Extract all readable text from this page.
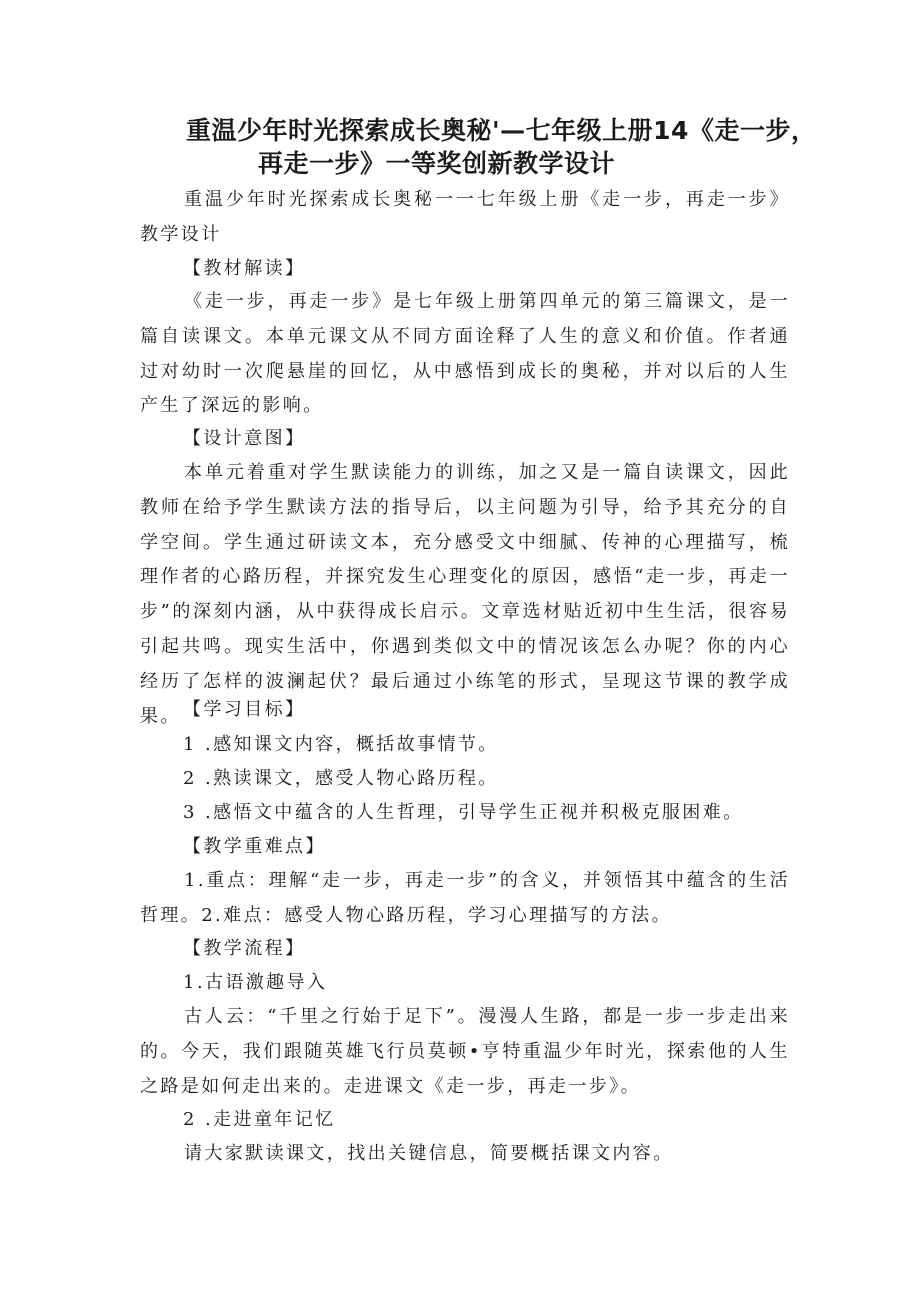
重温少年时光探索成长奥秘'—七年级上册14《走一步，
再走一步》一等奖创新教学设计

重温少年时光探索成长奥秘一一七年级上册《走一步，再走一步》教学设计

【教材解读】

《走一步，再走一步》是七年级上册第四单元的第三篇课文，是一篇自读课文。本单元课文从不同方面诠释了人生的意义和价值。作者通过对幼时一次爬悬崖的回忆，从中感悟到成长的奥秘，并对以后的人生产生了深远的影响。

【设计意图】

本单元着重对学生默读能力的训练，加之又是一篇自读课文，因此教师在给予学生默读方法的指导后，以主问题为引导，给予其充分的自学空间。学生通过研读文本，充分感受文中细腻、传神的心理描写，梳理作者的心路历程，并探究发生心理变化的原因，感悟“走一步，再走一步”的深刻内涵，从中获得成长启示。文章选材贴近初中生生活，很容易引起共鸣。现实生活中，你遇到类似文中的情况该怎么办呢？你的内心经历了怎样的波澜起伏？最后通过小练笔的形式，呈现这节课的教学成果。 【学习目标】
1 .感知课文内容，概括故事情节。
2 .熟读课文，感受人物心路历程。
3 .感悟文中蕴含的人生哲理，引导学生正视并积极克服困难。
【教学重难点】

1.重点：理解“走一步，再走一步”的含义，并领悟其中蕴含的生活哲理。2.难点：感受人物心路历程，学习心理描写的方法。

【教学流程】
1.古语激趣导入

古人云：“千里之行始于足下”。漫漫人生路，都是一步一步走出来的。今天，我们跟随英雄飞行员莫顿•亨特重温少年时光，探索他的人生之路是如何走出来的。走进课文《走一步，再走一步》。

2 .走进童年记忆

请大家默读课文，找出关键信息，简要概括课文内容。
